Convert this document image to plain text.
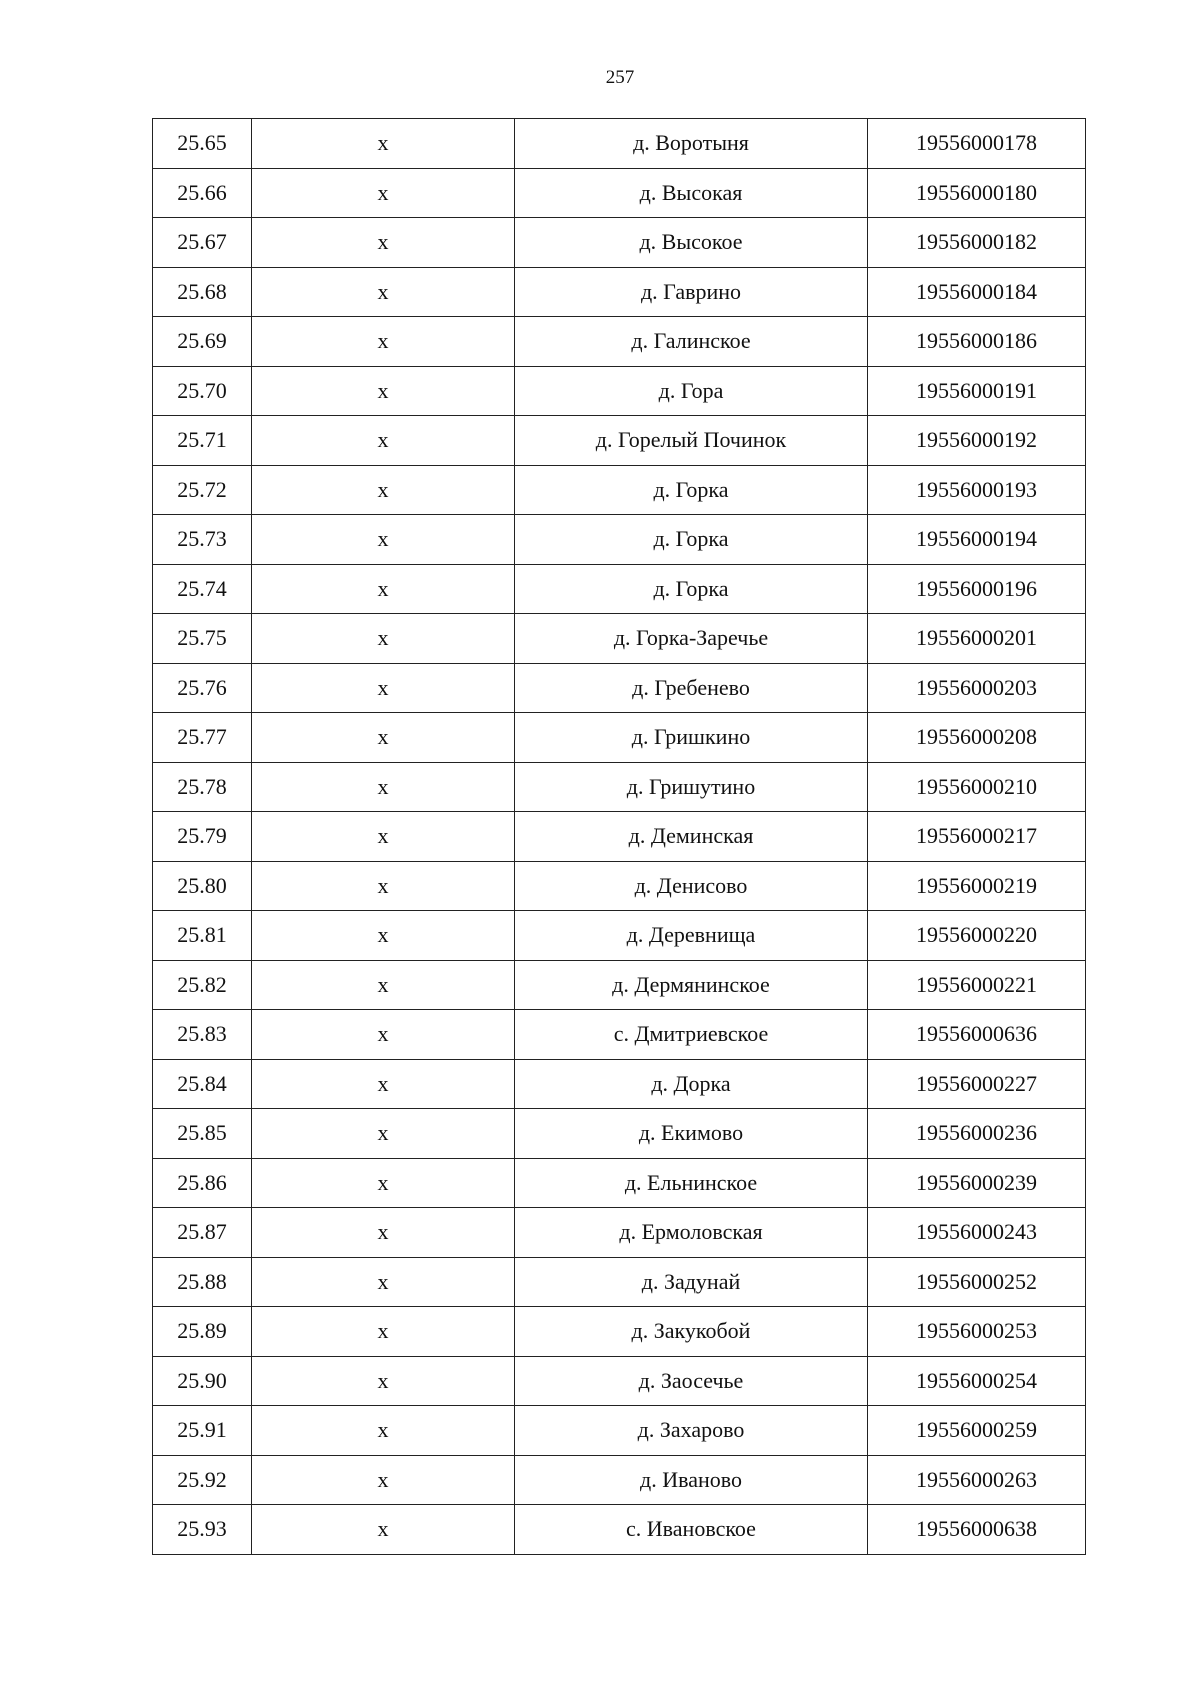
257
25.65	х	д. Воротыня	19556000178
25.66	х	д. Высокая	19556000180
25.67	х	д. Высокое	19556000182
25.68	х	д. Гаврино	19556000184
25.69	х	д. Галинское	19556000186
25.70	х	д. Гора	19556000191
25.71	х	д. Горелый Починок	19556000192
25.72	х	д. Горка	19556000193
25.73	х	д. Горка	19556000194
25.74	х	д. Горка	19556000196
25.75	х	д. Горка-Заречье	19556000201
25.76	х	д. Гребенево	19556000203
25.77	х	д. Гришкино	19556000208
25.78	х	д. Гришутино	19556000210
25.79	х	д. Деминская	19556000217
25.80	х	д. Денисово	19556000219
25.81	х	д. Деревнища	19556000220
25.82	х	д. Дермянинское	19556000221
25.83	х	с. Дмитриевское	19556000636
25.84	х	д. Дорка	19556000227
25.85	х	д. Екимово	19556000236
25.86	х	д. Ельнинское	19556000239
25.87	х	д. Ермоловская	19556000243
25.88	х	д. Задунай	19556000252
25.89	х	д. Закукобой	19556000253
25.90	х	д. Заосечье	19556000254
25.91	х	д. Захарово	19556000259
25.92	х	д. Иваново	19556000263
25.93	х	с. Ивановское	19556000638
